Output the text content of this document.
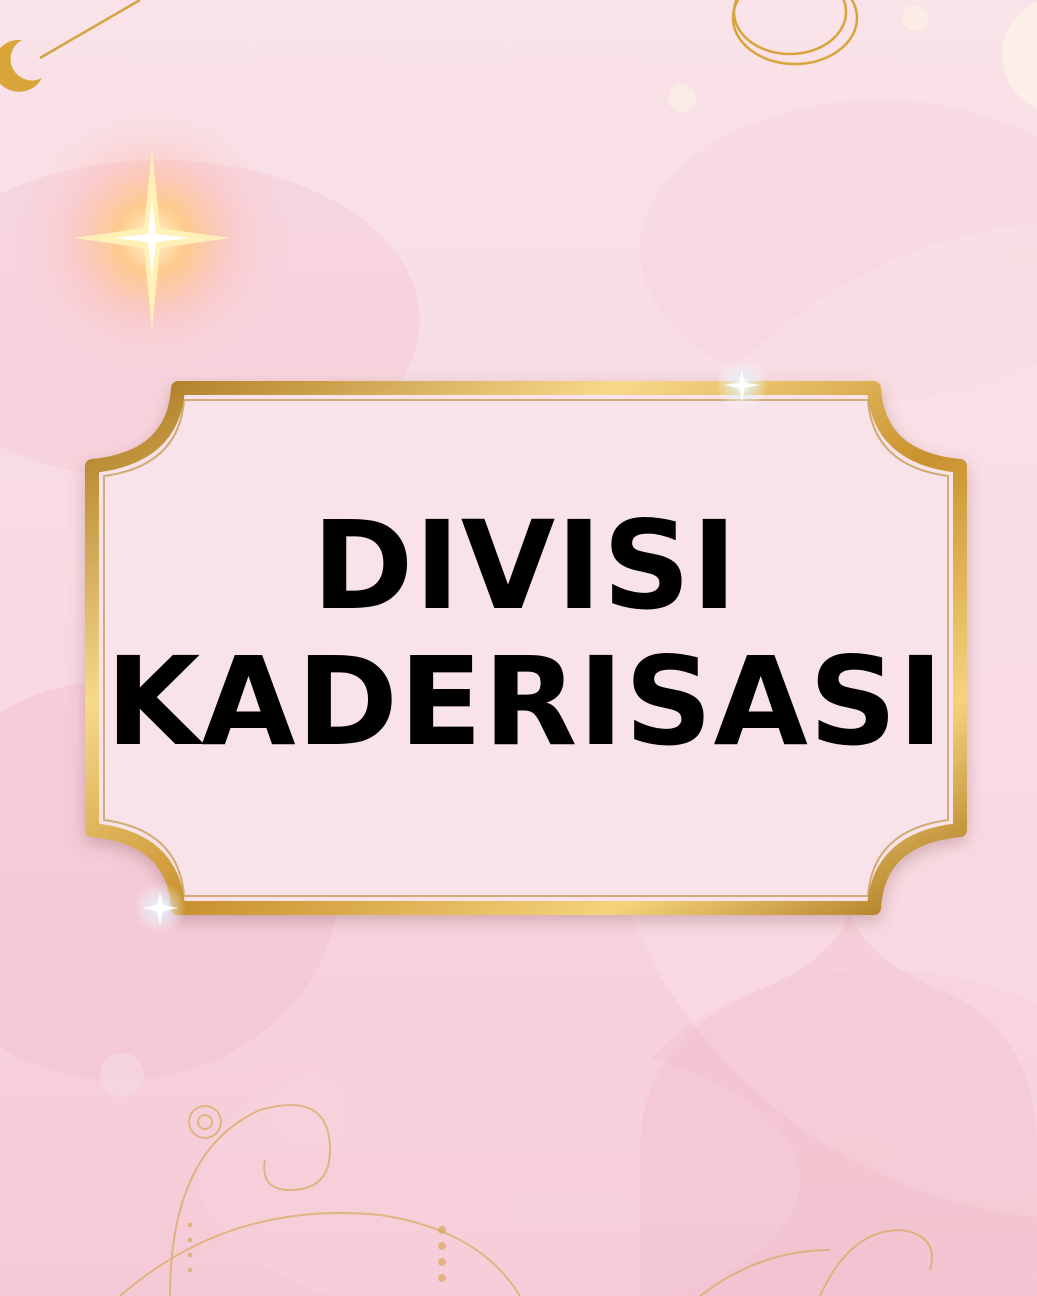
DIVISI
KADERISASI
